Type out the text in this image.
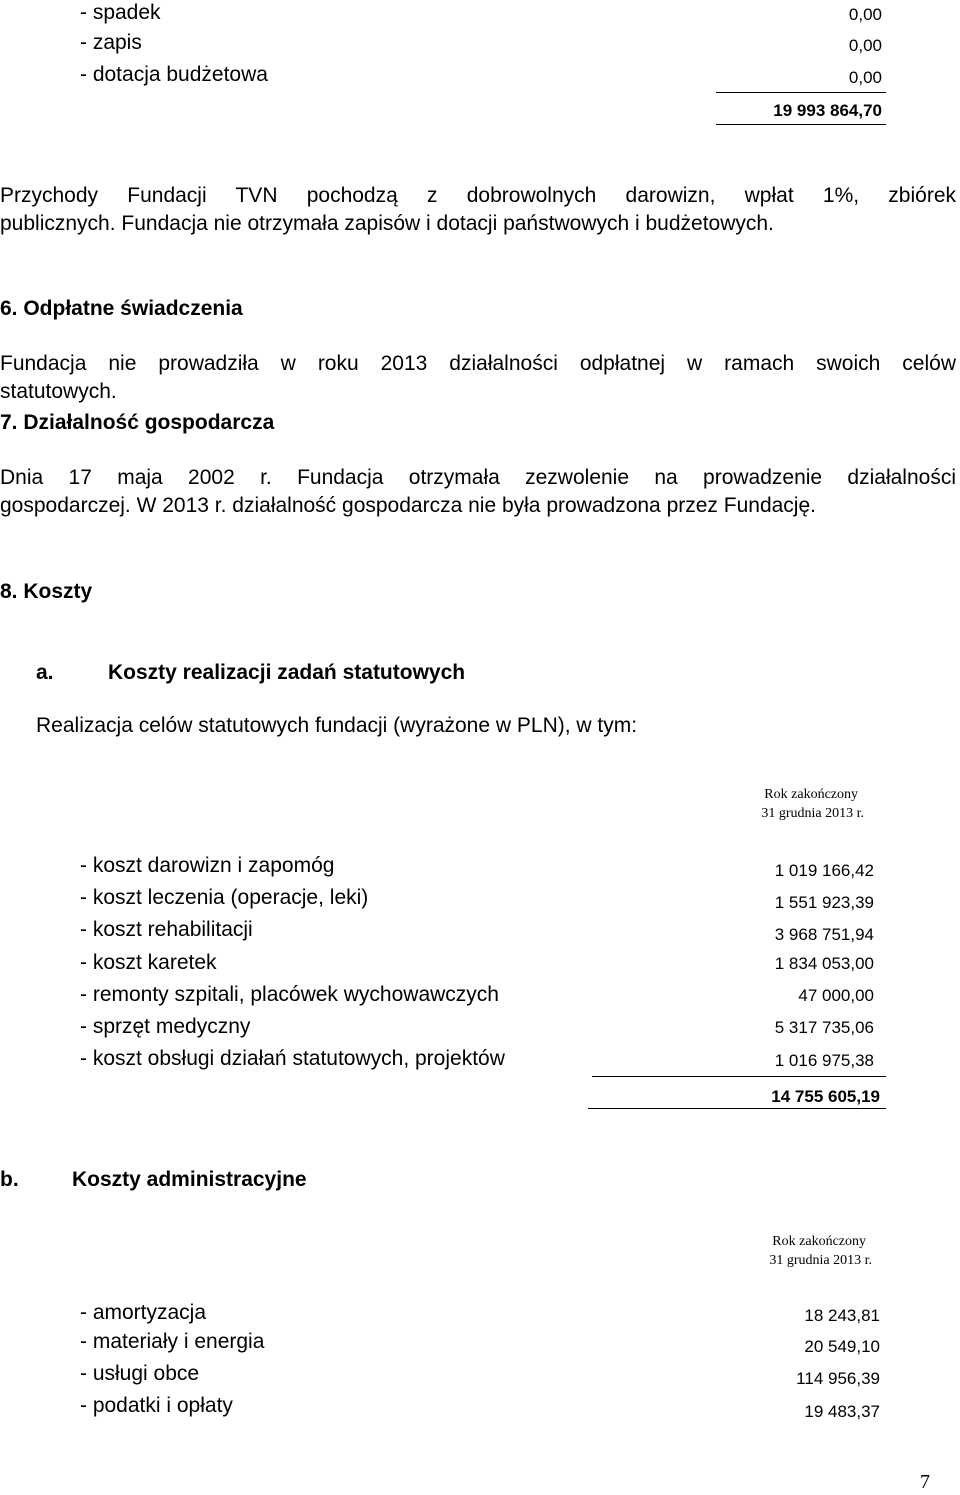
- spadek	0,00
- zapis	0,00
- dotacja budżetowa	0,00
19 993 864,70
Przychody Fundacji TVN pochodzą z dobrowolnych darowizn, wpłat 1%, zbiórek
publicznych. Fundacja nie otrzymała zapisów i dotacji państwowych i budżetowych.
6. Odpłatne świadczenia
Fundacja nie prowadziła w roku 2013 działalności odpłatnej w ramach swoich celów
statutowych.
7. Działalność gospodarcza
Dnia 17 maja 2002 r. Fundacja otrzymała zezwolenie na prowadzenie działalności
gospodarczej. W 2013 r. działalność gospodarcza nie była prowadzona przez Fundację.
8. Koszty
a.	Koszty realizacji zadań statutowych
Realizacja celów statutowych fundacji (wyrażone w PLN), w tym:
Rok zakończony
31 grudnia 2013 r.
- koszt darowizn i zapomóg	1 019 166,42
- koszt leczenia (operacje, leki)	1 551 923,39
- koszt rehabilitacji	3 968 751,94
- koszt karetek	1 834 053,00
- remonty szpitali, placówek wychowawczych	47 000,00
- sprzęt medyczny	5 317 735,06
- koszt obsługi działań statutowych, projektów	1 016 975,38
14 755 605,19
b.	Koszty administracyjne
Rok zakończony
31 grudnia 2013 r.
- amortyzacja	18 243,81
- materiały i energia	20 549,10
- usługi obce	114 956,39
- podatki i opłaty	19 483,37
7
